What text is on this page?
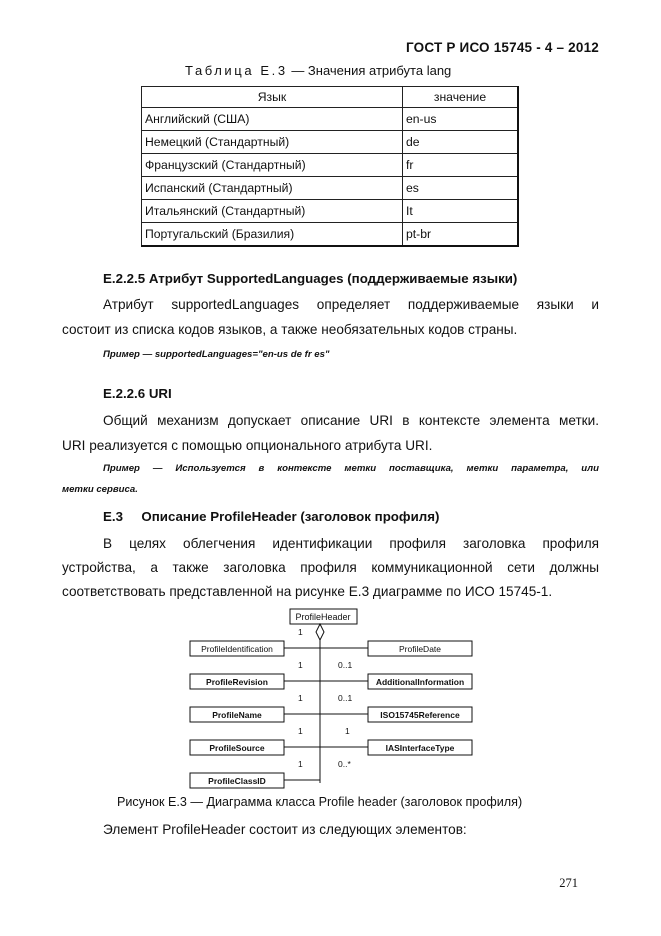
ГОСТ Р ИСО 15745 - 4 – 2012
Таблица Е.3 — Значения атрибута lang
Язык	значение
Английский (США)	en-us
Немецкий (Стандартный)	de
Французский (Стандартный)	fr
Испанский (Стандартный)	es
Итальянский (Стандартный)	It
Португальский (Бразилия)	pt-br
E.2.2.5 Атрибут SupportedLanguages (поддерживаемые языки)
Атрибут supportedLanguages определяет поддерживаемые языки и
состоит из списка кодов языков, а также необязательных кодов страны.
Пример — supportedLanguages="en-us de fr es"
E.2.2.6 URI
Общий механизм допускает описание URI в контексте элемента метки.
URI реализуется с помощью опционального атрибута URI.
Пример — Используется в контексте метки поставщика, метки параметра, или
метки сервиса.
E.3     Описание ProfileHeader (заголовок профиля)
В целях облегчения идентификации профиля заголовка профиля
устройства, а также заголовка профиля коммуникационной сети должны
соответствовать представленной на рисунке Е.3 диаграмме по ИСО 15745-1.
ProfileHeader
ProfileIdentification
ProfileRevision
ProfileName
ProfileSource
ProfileClassID
ProfileDate
AdditionalInformation
ISO15745Reference
IASInterfaceType
1
1
1
1
1
0..1
0..1
1
0..*
Рисунок Е.3 — Диаграмма класса Profile header (заголовок профиля)
Элемент ProfileHeader состоит из следующих элементов:
271
